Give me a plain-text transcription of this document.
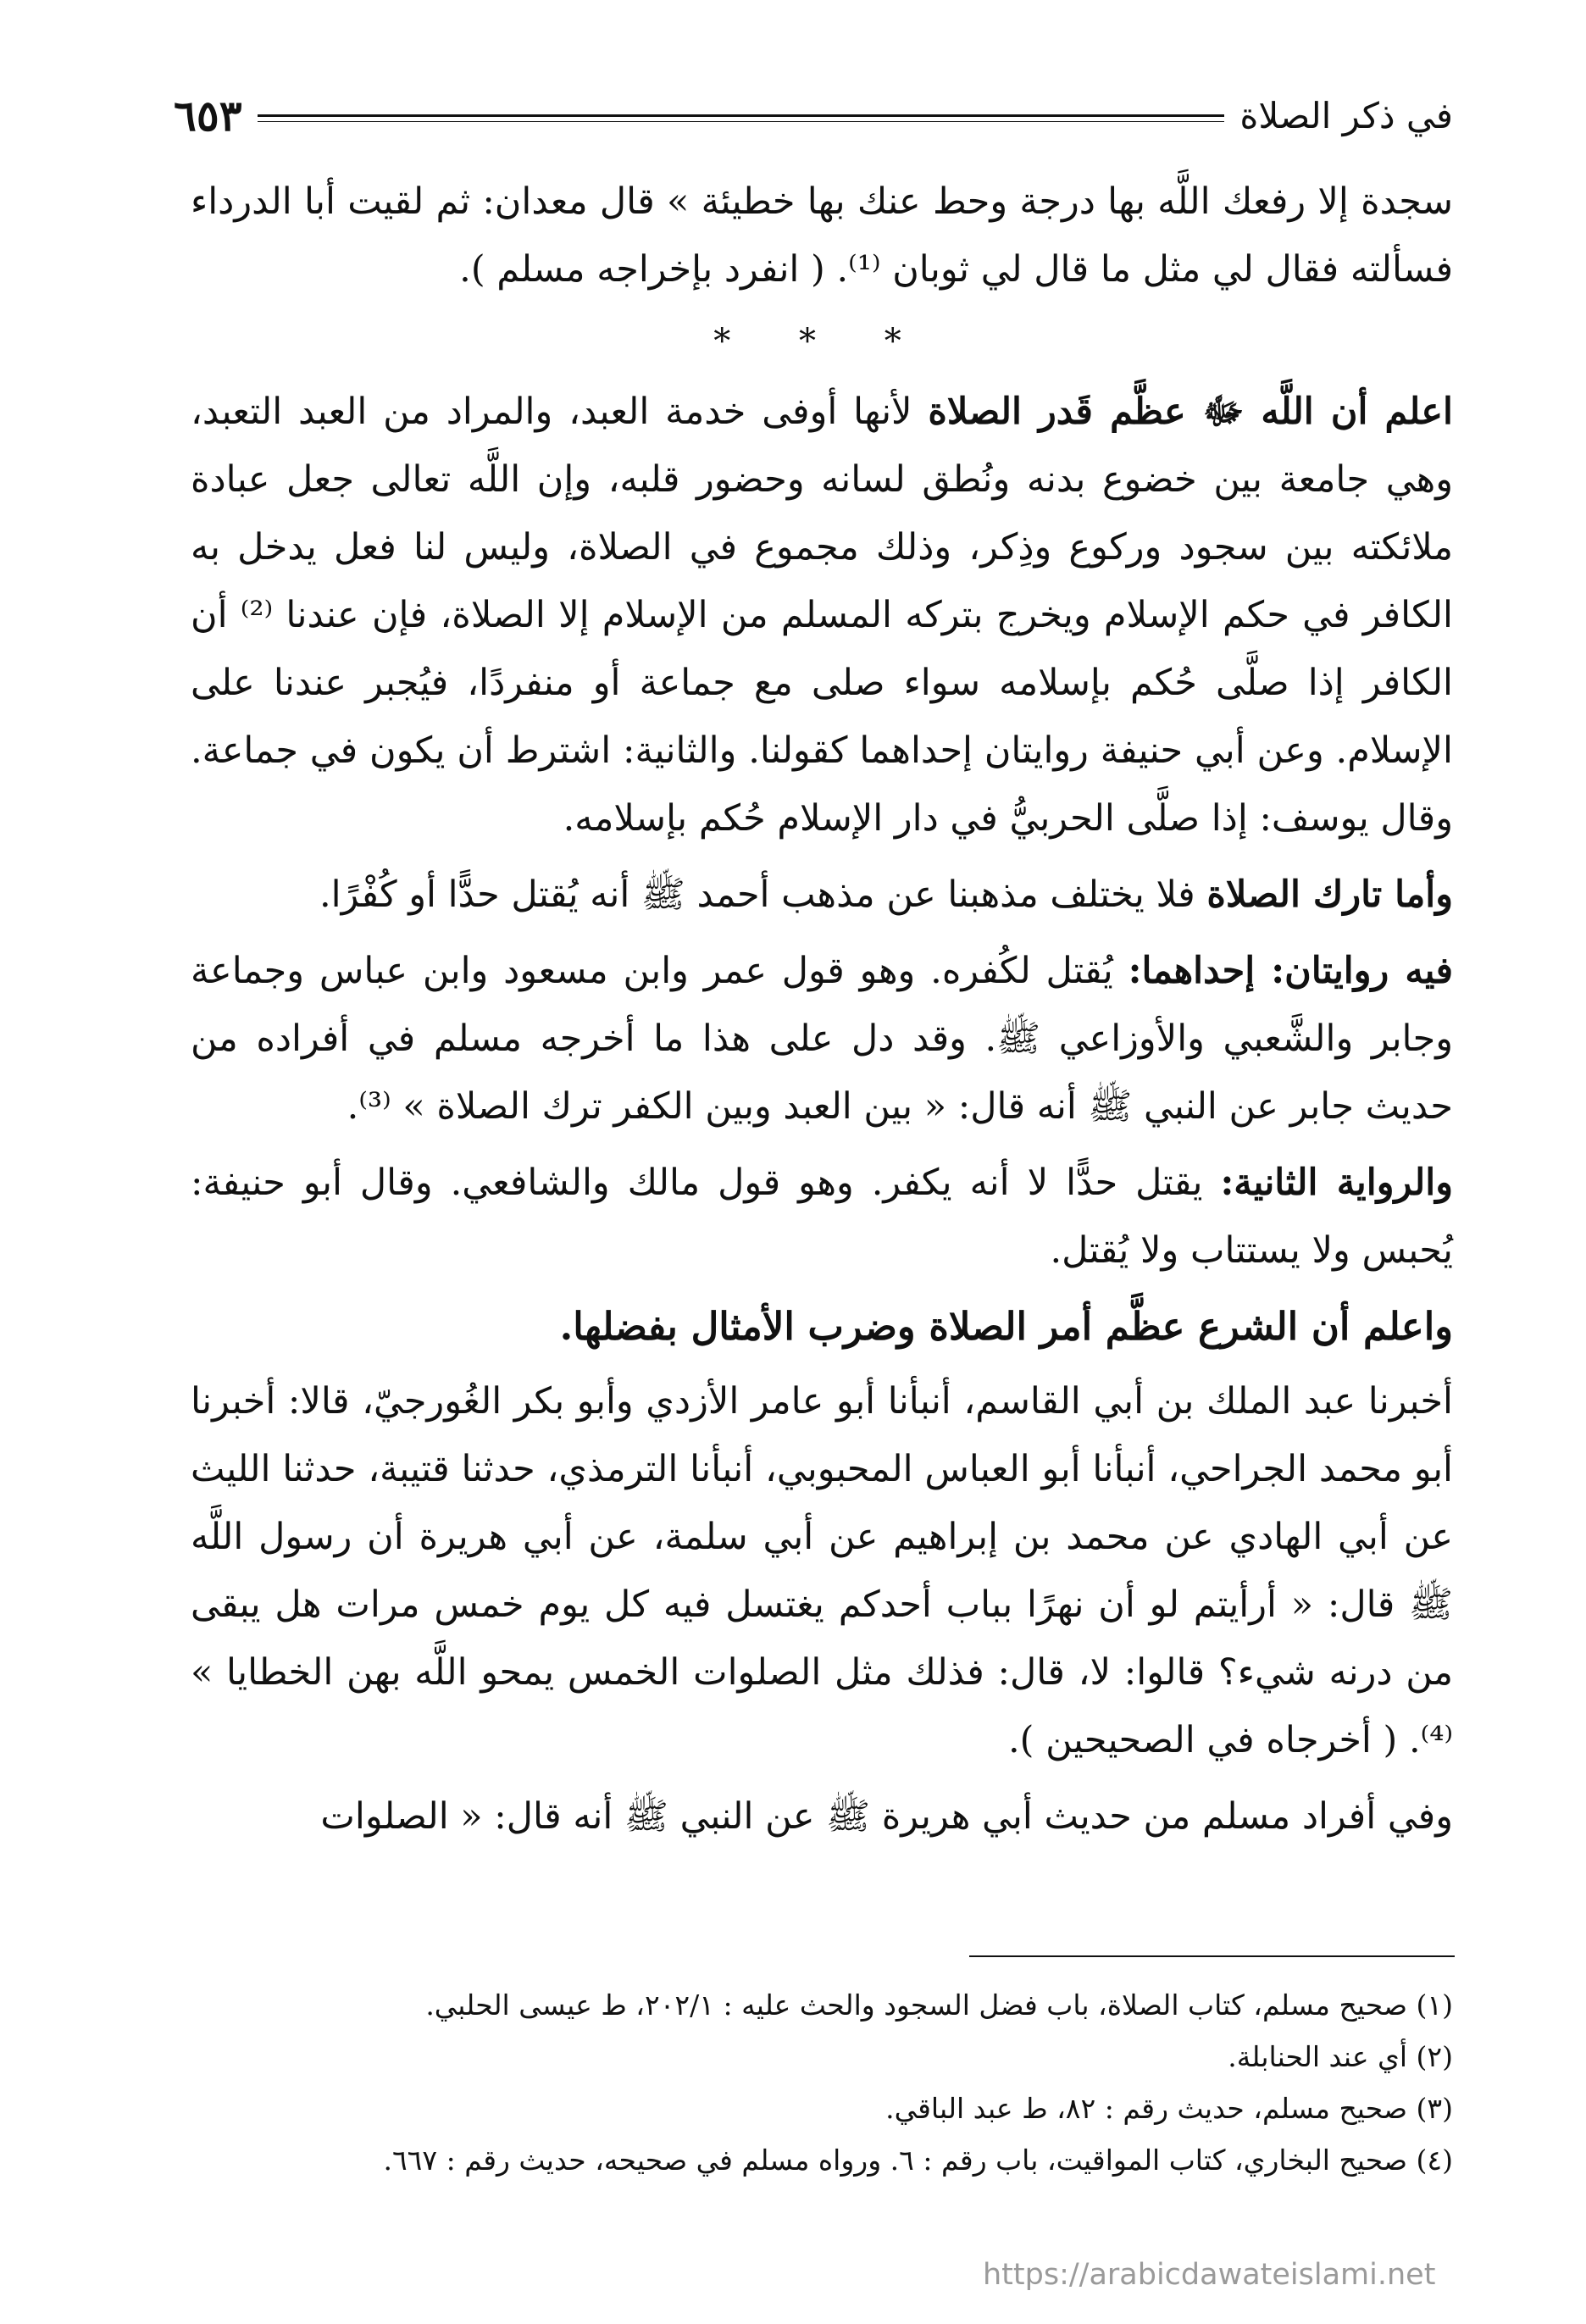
في ذكر الصلاة
٦٥٣

سجدة إلا رفعك اللَّه بها درجة وحط عنك بها خطيئة » قال معدان: ثم لقيت أبا الدرداء فسألته فقال لي مثل ما قال لي ثوبان ⁽¹⁾. ( انفرد بإخراجه مسلم ).

* * *

اعلم أن اللَّه ﷻ عظَّم قَدر الصلاة لأنها أوفى خدمة العبد، والمراد من العبد التعبد، وهي جامعة بين خضوع بدنه ونُطق لسانه وحضور قلبه، وإن اللَّه تعالى جعل عبادة ملائكته بين سجود وركوع وذِكر، وذلك مجموع في الصلاة، وليس لنا فعل يدخل به الكافر في حكم الإسلام ويخرج بتركه المسلم من الإسلام إلا الصلاة، فإن عندنا ⁽²⁾ أن الكافر إذا صلَّى حُكم بإسلامه سواء صلى مع جماعة أو منفردًا، فيُجبر عندنا على الإسلام. وعن أبي حنيفة روايتان إحداهما كقولنا. والثانية: اشترط أن يكون في جماعة. وقال يوسف: إذا صلَّى الحربيُّ في دار الإسلام حُكم بإسلامه.

وأما تارك الصلاة فلا يختلف مذهبنا عن مذهب أحمد ﷺ أنه يُقتل حدًّا أو كُفْرًا.

فيه روايتان: إحداهما: يُقتل لكُفره. وهو قول عمر وابن مسعود وابن عباس وجماعة وجابر والشَّعبي والأوزاعي ﷺ. وقد دل على هذا ما أخرجه مسلم في أفراده من حديث جابر عن النبي ﷺ أنه قال: « بين العبد وبين الكفر ترك الصلاة » ⁽³⁾.

والرواية الثانية: يقتل حدًّا لا أنه يكفر. وهو قول مالك والشافعي. وقال أبو حنيفة: يُحبس ولا يستتاب ولا يُقتل.

واعلم أن الشرع عظَّم أمر الصلاة وضرب الأمثال بفضلها.

أخبرنا عبد الملك بن أبي القاسم، أنبأنا أبو عامر الأزدي وأبو بكر الغُورجيّ، قالا: أخبرنا أبو محمد الجراحي، أنبأنا أبو العباس المحبوبي، أنبأنا الترمذي، حدثنا قتيبة، حدثنا الليث عن أبي الهادي عن محمد بن إبراهيم عن أبي سلمة، عن أبي هريرة أن رسول اللَّه ﷺ قال: « أرأيتم لو أن نهرًا بباب أحدكم يغتسل فيه كل يوم خمس مرات هل يبقى من درنه شيء؟ قالوا: لا، قال: فذلك مثل الصلوات الخمس يمحو اللَّه بهن الخطايا » ⁽⁴⁾. ( أخرجاه في الصحيحين ).

وفي أفراد مسلم من حديث أبي هريرة ﷺ عن النبي ﷺ أنه قال: « الصلوات

(١) صحيح مسلم، كتاب الصلاة، باب فضل السجود والحث عليه : ٢٠٢/١، ط عيسى الحلبي.

(٢) أي عند الحنابلة.

(٣) صحيح مسلم، حديث رقم : ٨٢، ط عبد الباقي.

(٤) صحيح البخاري، كتاب المواقيت، باب رقم : ٦. ورواه مسلم في صحيحه، حديث رقم : ٦٦٧.

https://arabicdawateislami.net
